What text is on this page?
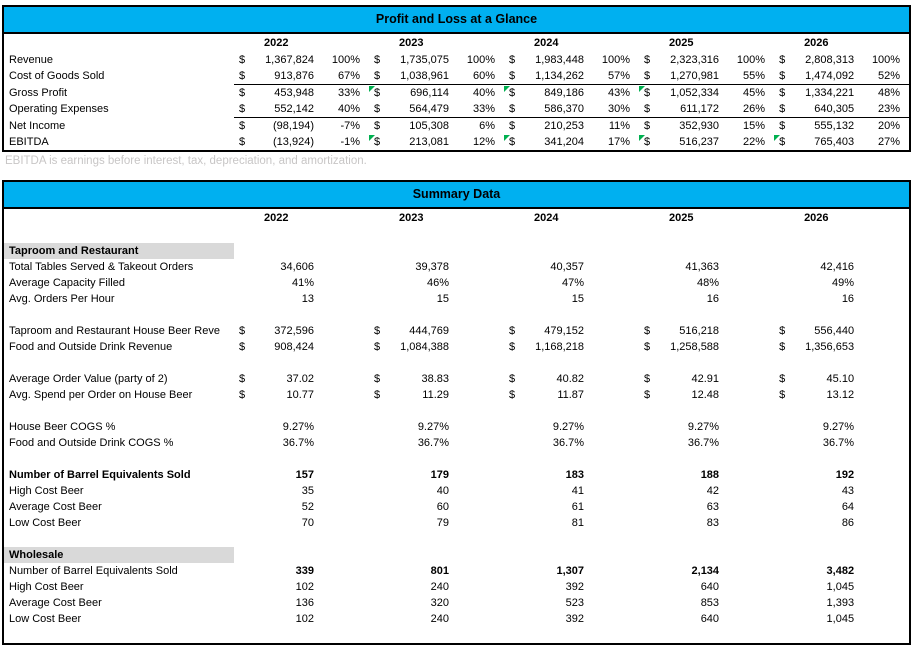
Profit and Loss at a Glance
	2022			2023			2024			2025			2026		
Revenue	$	1,367,824	100%	$	1,735,075	100%	$	1,983,448	100%	$	2,323,316	100%	$	2,808,313	100%
Cost of Goods Sold	$	913,876	67%	$	1,038,961	60%	$	1,134,262	57%	$	1,270,981	55%	$	1,474,092	52%
Gross Profit	$	453,948	33%	$	696,114	40%	$	849,186	43%	$	1,052,334	45%	$	1,334,221	48%
Operating Expenses	$	552,142	40%	$	564,479	33%	$	586,370	30%	$	611,172	26%	$	640,305	23%
Net Income	$	(98,194)	-7%	$	105,308	6%	$	210,253	11%	$	352,930	15%	$	555,132	20%
EBITDA	$	(13,924)	-1%	$	213,081	12%	$	341,204	17%	$	516,237	22%	$	765,403	27%
EBITDA is earnings before interest, tax, depreciation, and amortization.
Summary Data
	2022			2023			2024			2025			2026		

Taproom and Restaurant															
Total Tables Served & Takeout Orders		34,606			39,378			40,357			41,363			42,416	
Average Capacity Filled		41%			46%			47%			48%			49%	
Avg. Orders Per Hour		13			15			15			16			16	

Taproom and Restaurant House Beer Reve	$	372,596		$	444,769		$	479,152		$	516,218		$	556,440	
Food and Outside Drink Revenue	$	908,424		$	1,084,388		$	1,168,218		$	1,258,588		$	1,356,653	

Average Order Value (party of 2)	$	37.02		$	38.83		$	40.82		$	42.91		$	45.10	
Avg. Spend per Order on House Beer	$	10.77		$	11.29		$	11.87		$	12.48		$	13.12	

House Beer COGS %		9.27%			9.27%			9.27%			9.27%			9.27%	
Food and Outside Drink COGS %		36.7%			36.7%			36.7%			36.7%			36.7%	

Number of Barrel Equivalents Sold		157			179			183			188			192	
High Cost Beer		35			40			41			42			43	
Average Cost Beer		52			60			61			63			64	
Low Cost Beer		70			79			81			83			86	

Wholesale															
Number of Barrel Equivalents Sold		339			801			1,307			2,134			3,482	
High Cost Beer		102			240			392			640			1,045	
Average Cost Beer		136			320			523			853			1,393	
Low Cost Beer		102			240			392			640			1,045	
